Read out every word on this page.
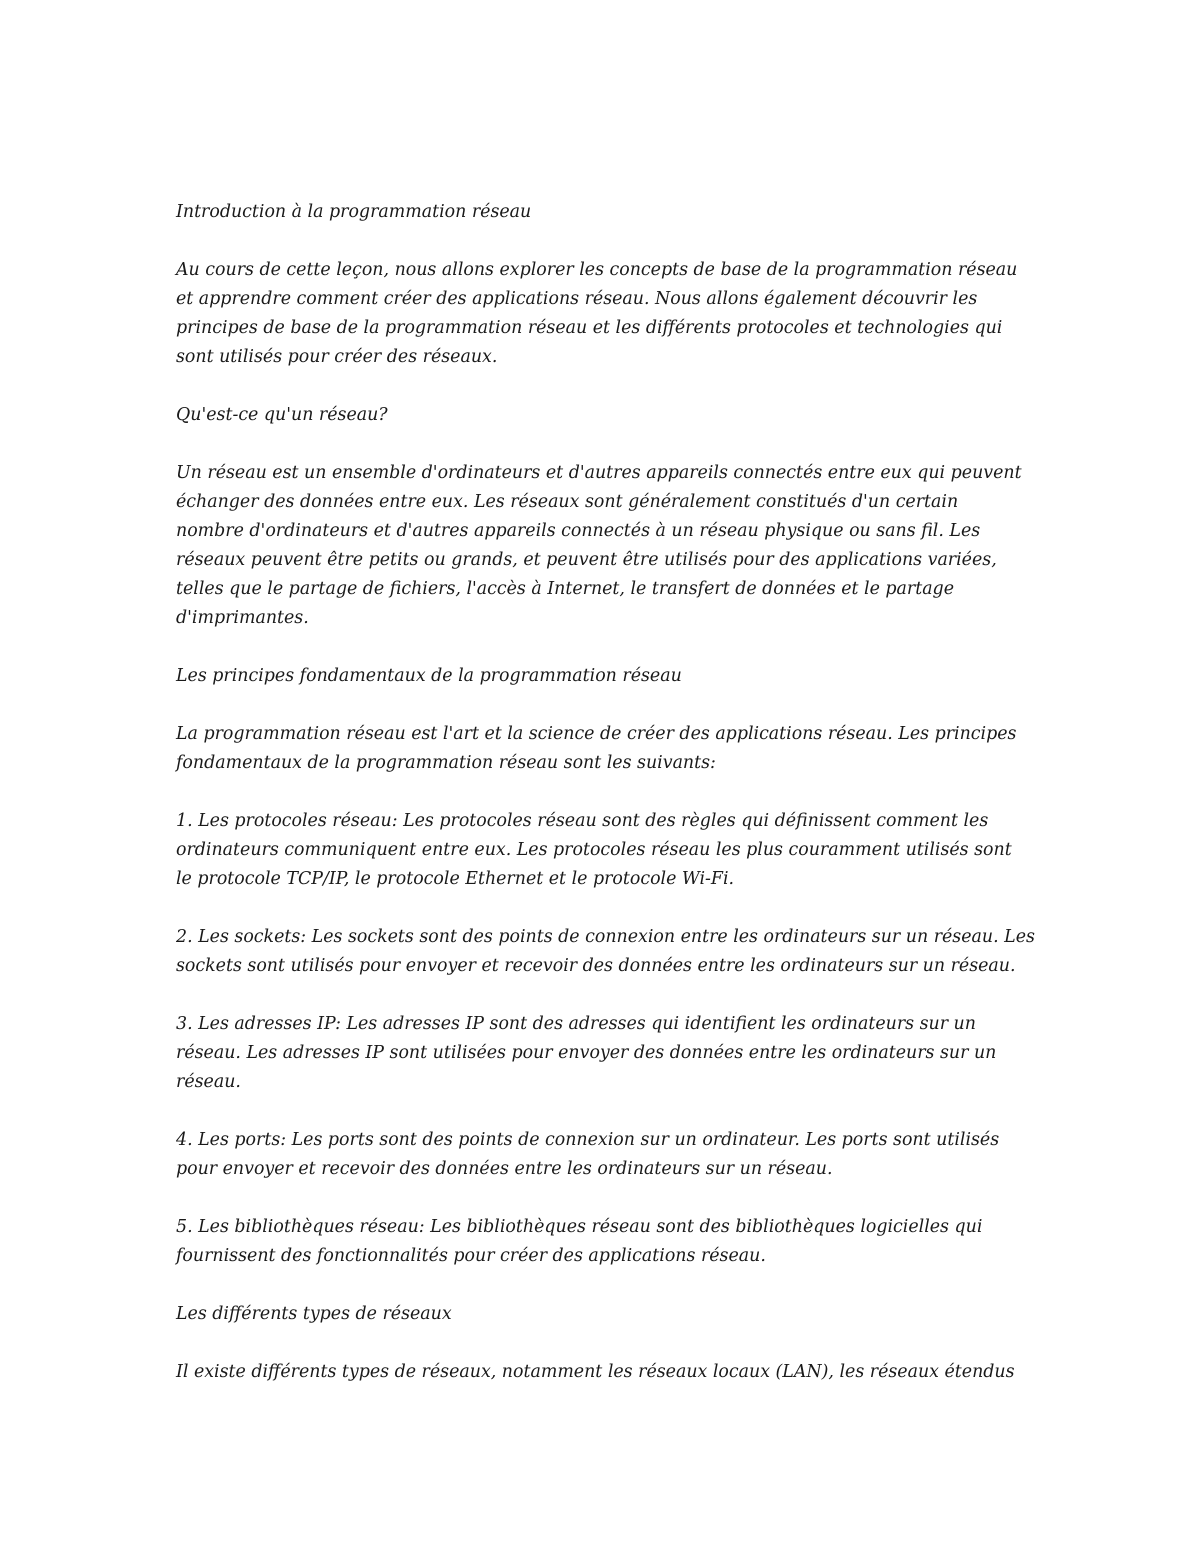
Introduction à la programmation réseau

Au cours de cette leçon, nous allons explorer les concepts de base de la programmation réseau
et apprendre comment créer des applications réseau. Nous allons également découvrir les
principes de base de la programmation réseau et les différents protocoles et technologies qui
sont utilisés pour créer des réseaux.

Qu'est-ce qu'un réseau?

Un réseau est un ensemble d'ordinateurs et d'autres appareils connectés entre eux qui peuvent
échanger des données entre eux. Les réseaux sont généralement constitués d'un certain
nombre d'ordinateurs et d'autres appareils connectés à un réseau physique ou sans fil. Les
réseaux peuvent être petits ou grands, et peuvent être utilisés pour des applications variées,
telles que le partage de fichiers, l'accès à Internet, le transfert de données et le partage
d'imprimantes.

Les principes fondamentaux de la programmation réseau

La programmation réseau est l'art et la science de créer des applications réseau. Les principes
fondamentaux de la programmation réseau sont les suivants:

1. Les protocoles réseau: Les protocoles réseau sont des règles qui définissent comment les
ordinateurs communiquent entre eux. Les protocoles réseau les plus couramment utilisés sont
le protocole TCP/IP, le protocole Ethernet et le protocole Wi-Fi.

2. Les sockets: Les sockets sont des points de connexion entre les ordinateurs sur un réseau. Les
sockets sont utilisés pour envoyer et recevoir des données entre les ordinateurs sur un réseau.

3. Les adresses IP: Les adresses IP sont des adresses qui identifient les ordinateurs sur un
réseau. Les adresses IP sont utilisées pour envoyer des données entre les ordinateurs sur un
réseau.

4. Les ports: Les ports sont des points de connexion sur un ordinateur. Les ports sont utilisés
pour envoyer et recevoir des données entre les ordinateurs sur un réseau.

5. Les bibliothèques réseau: Les bibliothèques réseau sont des bibliothèques logicielles qui
fournissent des fonctionnalités pour créer des applications réseau.

Les différents types de réseaux

Il existe différents types de réseaux, notamment les réseaux locaux (LAN), les réseaux étendus
